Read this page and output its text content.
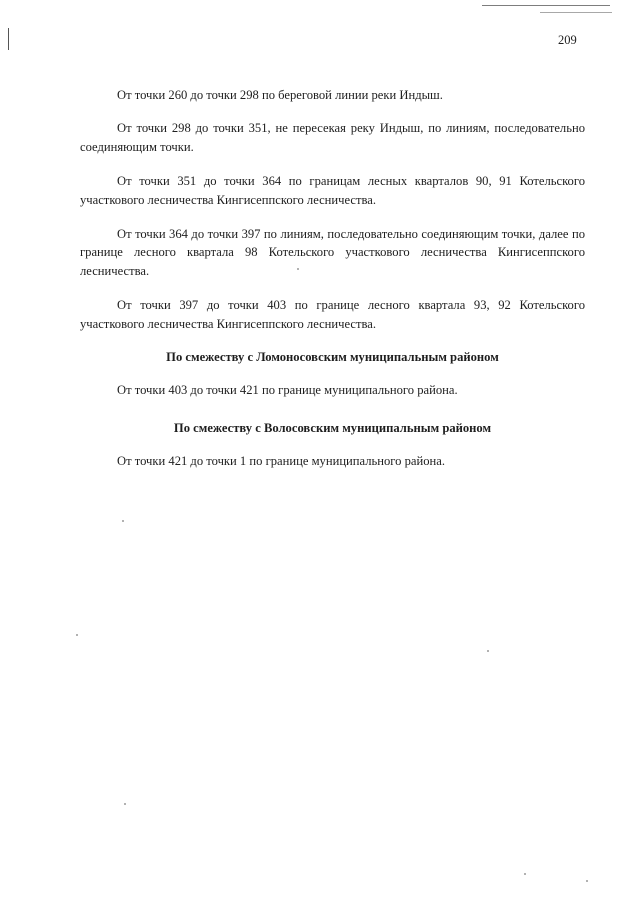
209

От точки 260 до точки 298 по береговой линии реки Индыш.

От точки 298 до точки 351, не пересекая реку Индыш, по линиям, последовательно соединяющим точки.

От точки 351 до точки 364 по границам лесных кварталов 90, 91 Котельского участкового лесничества Кингисеппского лесничества.

От точки 364 до точки 397 по линиям, последовательно соединяющим точки, далее по границе лесного квартала 98 Котельского участкового лесничества Кингисеппского лесничества.

От точки 397 до точки 403 по границе лесного квартала 93, 92 Котельского участкового лесничества Кингисеппского лесничества.

По смежеству с Ломоносовским муниципальным районом

От точки 403 до точки 421 по границе муниципального района.

По смежеству с Волосовским муниципальным районом

От точки 421 до точки 1 по границе муниципального района.
